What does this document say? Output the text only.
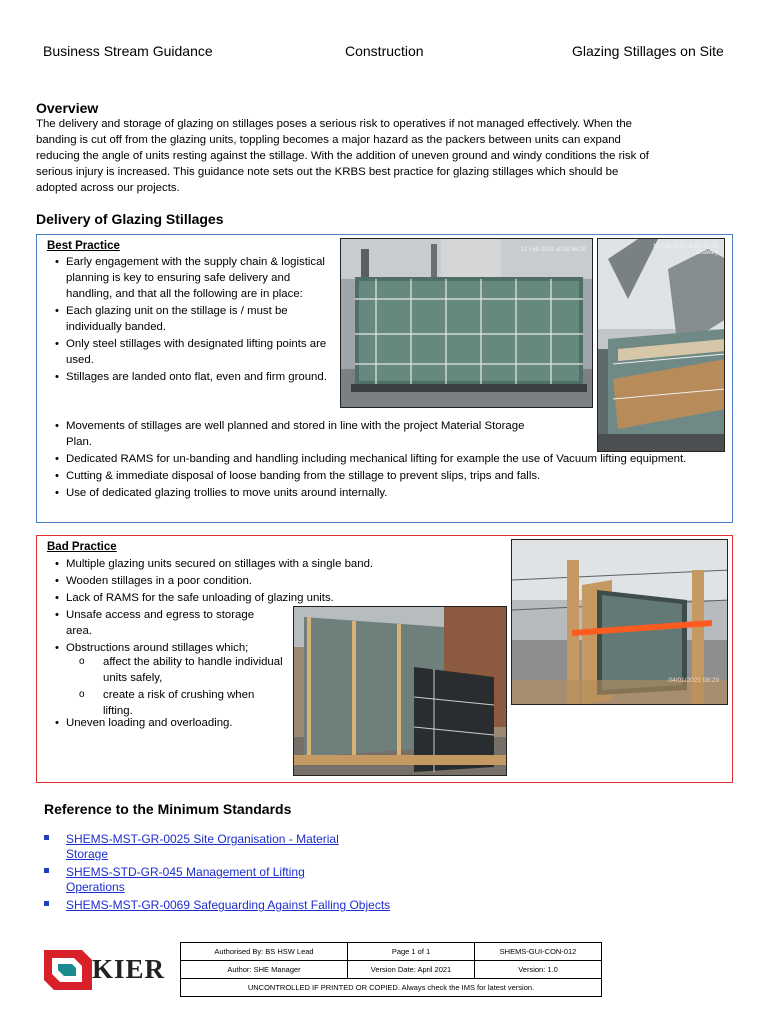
Business Stream Guidance	Construction	Glazing Stillages on Site
Overview
The delivery and storage of glazing on stillages poses a serious risk to operatives if not managed effectively. When the
banding is cut off from the glazing units, toppling becomes a major hazard as the packers between units can expand
reducing the angle of units resting against the stillage. With the addition of uneven ground and windy conditions the risk of
serious injury is increased. This guidance note sets out the KRBS best practice for glazing stillages which should be
adopted across our projects.
Delivery of Glazing Stillages
Best Practice
• Early engagement with the supply chain & logistical planning is key to ensuring safe delivery and handling, and that all the following are in place:
• Each glazing unit on the stillage is / must be individually banded.
• Only steel stillages with designated lifting points are used.
• Stillages are landed onto flat, even and firm ground.
• Movements of stillages are well planned and stored in line with the project Material Storage Plan.
• Dedicated RAMS for un-banding and handling including mechanical lifting for example the use of Vacuum lifting equipment.
• Cutting & immediate disposal of loose banding from the stillage to prevent slips, trips and falls.
• Use of dedicated glazing trollies to move units around internally.
12 Feb 2021 at 08:46:29	12 Feb 2021 at 08:48:29
Crawley
Bad Practice
• Multiple glazing units secured on stillages with a single band.
• Wooden stillages in a poor condition.
• Lack of RAMS for the safe unloading of glazing units.
• Unsafe access and egress to storage area.
• Obstructions around stillages which;
o affect the ability to handle individual units safely,
o create a risk of crushing when lifting.
• Uneven loading and overloading.
04/01/2021 08:29
Reference to the Minimum Standards
SHEMS-MST-GR-0025 Site Organisation - Material
Storage
SHEMS-STD-GR-045 Management of Lifting
Operations
SHEMS-MST-GR-0069 Safeguarding Against Falling Objects
KIER
Authorised By: BS HSW Lead	Page 1 of 1	SHEMS-GUI-CON-012
Author: SHE Manager	Version Date: April 2021	Version: 1.0
UNCONTROLLED IF PRINTED OR COPIED. Always check the IMS for latest version.		
